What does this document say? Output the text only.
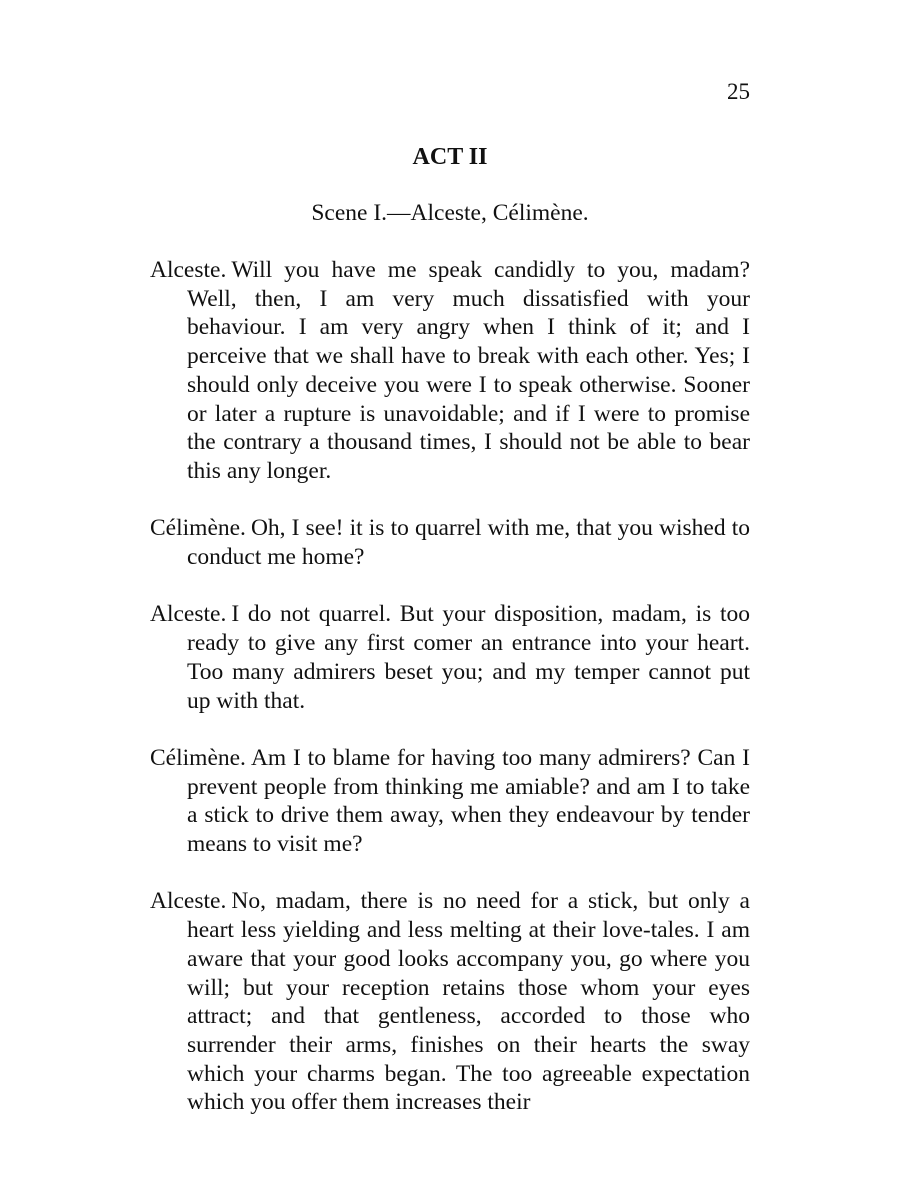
25
ACT II
Scene I.—Alceste, Célimène.

Alceste. Will you have me speak candidly to you, madam? Well, then, I am very much dissatisfied with your behaviour. I am very angry when I think of it; and I perceive that we shall have to break with each other. Yes; I should only deceive you were I to speak otherwise. Sooner or later a rupture is unavoidable; and if I were to promise the contrary a thousand times, I should not be able to bear this any longer.

Célimène. Oh, I see! it is to quarrel with me, that you wished to conduct me home?

Alceste. I do not quarrel. But your disposition, madam, is too ready to give any first comer an entrance into your heart. Too many admirers beset you; and my temper cannot put up with that.

Célimène. Am I to blame for having too many admirers? Can I prevent people from thinking me amiable? and am I to take a stick to drive them away, when they endeavour by tender means to visit me?

Alceste. No, madam, there is no need for a stick, but only a heart less yielding and less melting at their love-tales. I am aware that your good looks accompany you, go where you will; but your reception retains those whom your eyes attract; and that gentleness, accorded to those who surrender their arms, finishes on their hearts the sway which your charms began. The too agreeable expectation which you offer them increases their
